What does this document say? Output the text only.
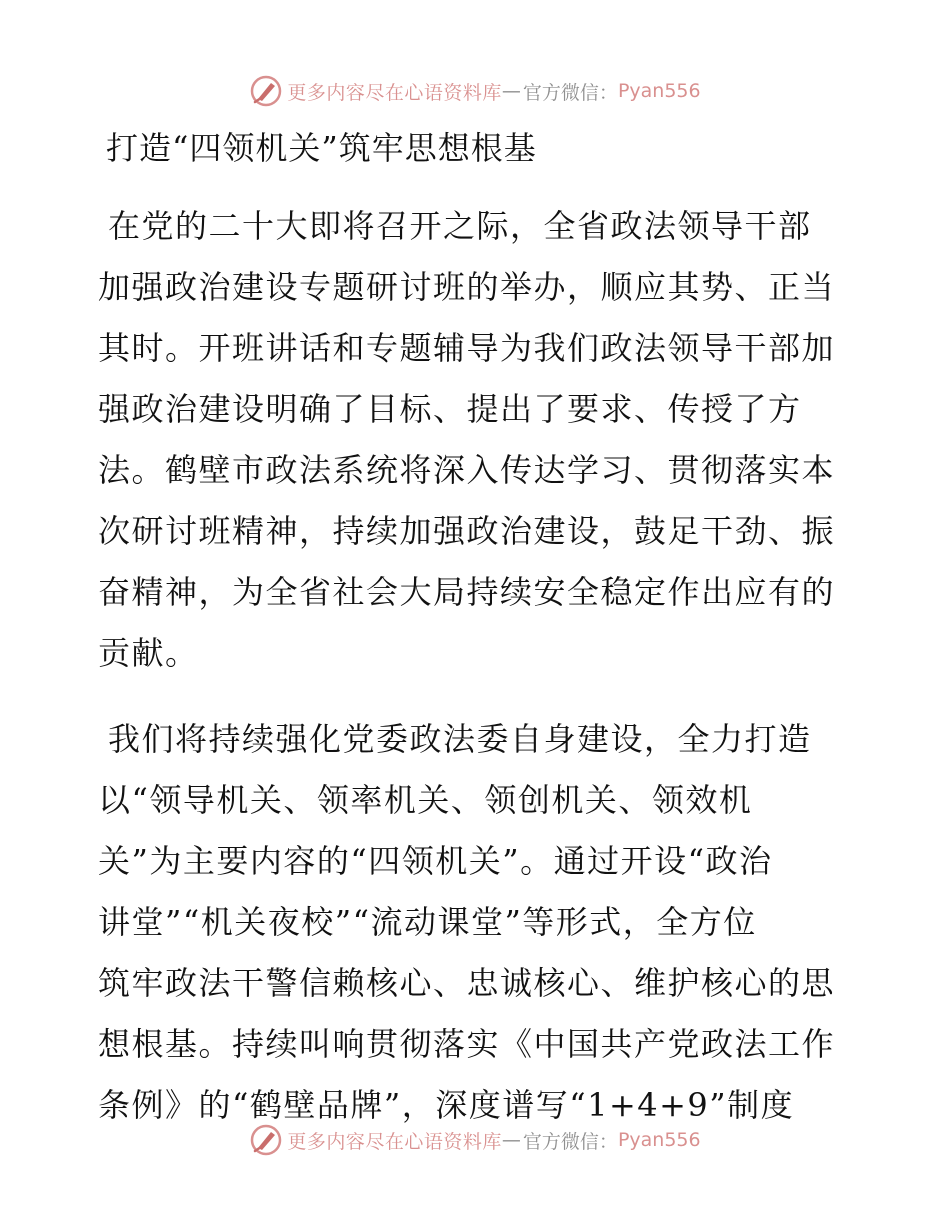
更多内容尽在心语资料库 — 官方微信： Pyan556
打造“四领机关”筑牢思想根基

在党的二十大即将召开之际，全省政法领导干部
加强政治建设专题研讨班的举办，顺应其势、正当
其时。开班讲话和专题辅导为我们政法领导干部加
强政治建设明确了目标、提出了要求、传授了方
法。鹤壁市政法系统将深入传达学习、贯彻落实本
次研讨班精神，持续加强政治建设，鼓足干劲、振
奋精神，为全省社会大局持续安全稳定作出应有的
贡献。

我们将持续强化党委政法委自身建设，全力打造
以“领导机关、领率机关、领创机关、领效机
关”为主要内容的“四领机关”。通过开设“政治
讲堂”“机关夜校”“流动课堂”等形式，全方位
筑牢政法干警信赖核心、忠诚核心、维护核心的思
想根基。持续叫响贯彻落实《中国共产党政法工作
条例》的“鹤壁品牌”，深度谱写“1+4+9”制度

更多内容尽在心语资料库 — 官方微信： Pyan556
